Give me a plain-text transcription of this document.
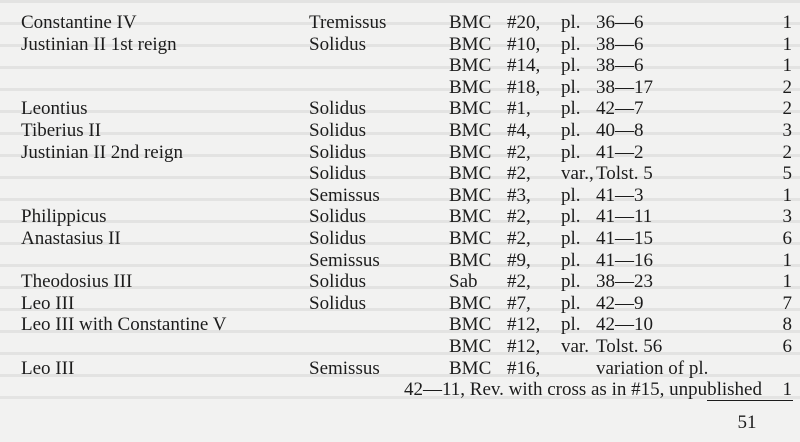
Constantine IV	Tremissus	BMC	#20,	pl.	36—6	1
Justinian II 1st reign	Solidus	BMC	#10,	pl.	38—6	1
		BMC	#14,	pl.	38—6	1
		BMC	#18,	pl.	38—17	2
Leontius	Solidus	BMC	#1,	pl.	42—7	2
Tiberius II	Solidus	BMC	#4,	pl.	40—8	3
Justinian II 2nd reign	Solidus	BMC	#2,	pl.	41—2	2
	Solidus	BMC	#2,	var.,	Tolst. 5	5
	Semissus	BMC	#3,	pl.	41—3	1
Philippicus	Solidus	BMC	#2,	pl.	41—11	3
Anastasius II	Solidus	BMC	#2,	pl.	41—15	6
	Semissus	BMC	#9,	pl.	41—16	1
Theodosius III	Solidus	Sab	#2,	pl.	38—23	1
Leo III	Solidus	BMC	#7,	pl.	42—9	7
Leo III with Constantine V		BMC	#12,	pl.	42—10	8
		BMC	#12,	var.	Tolst. 56	6
Leo III	Semissus	BMC	#16,		variation of pl.	
	42—11, Rev. with cross as in #15, unpublished					1
51
